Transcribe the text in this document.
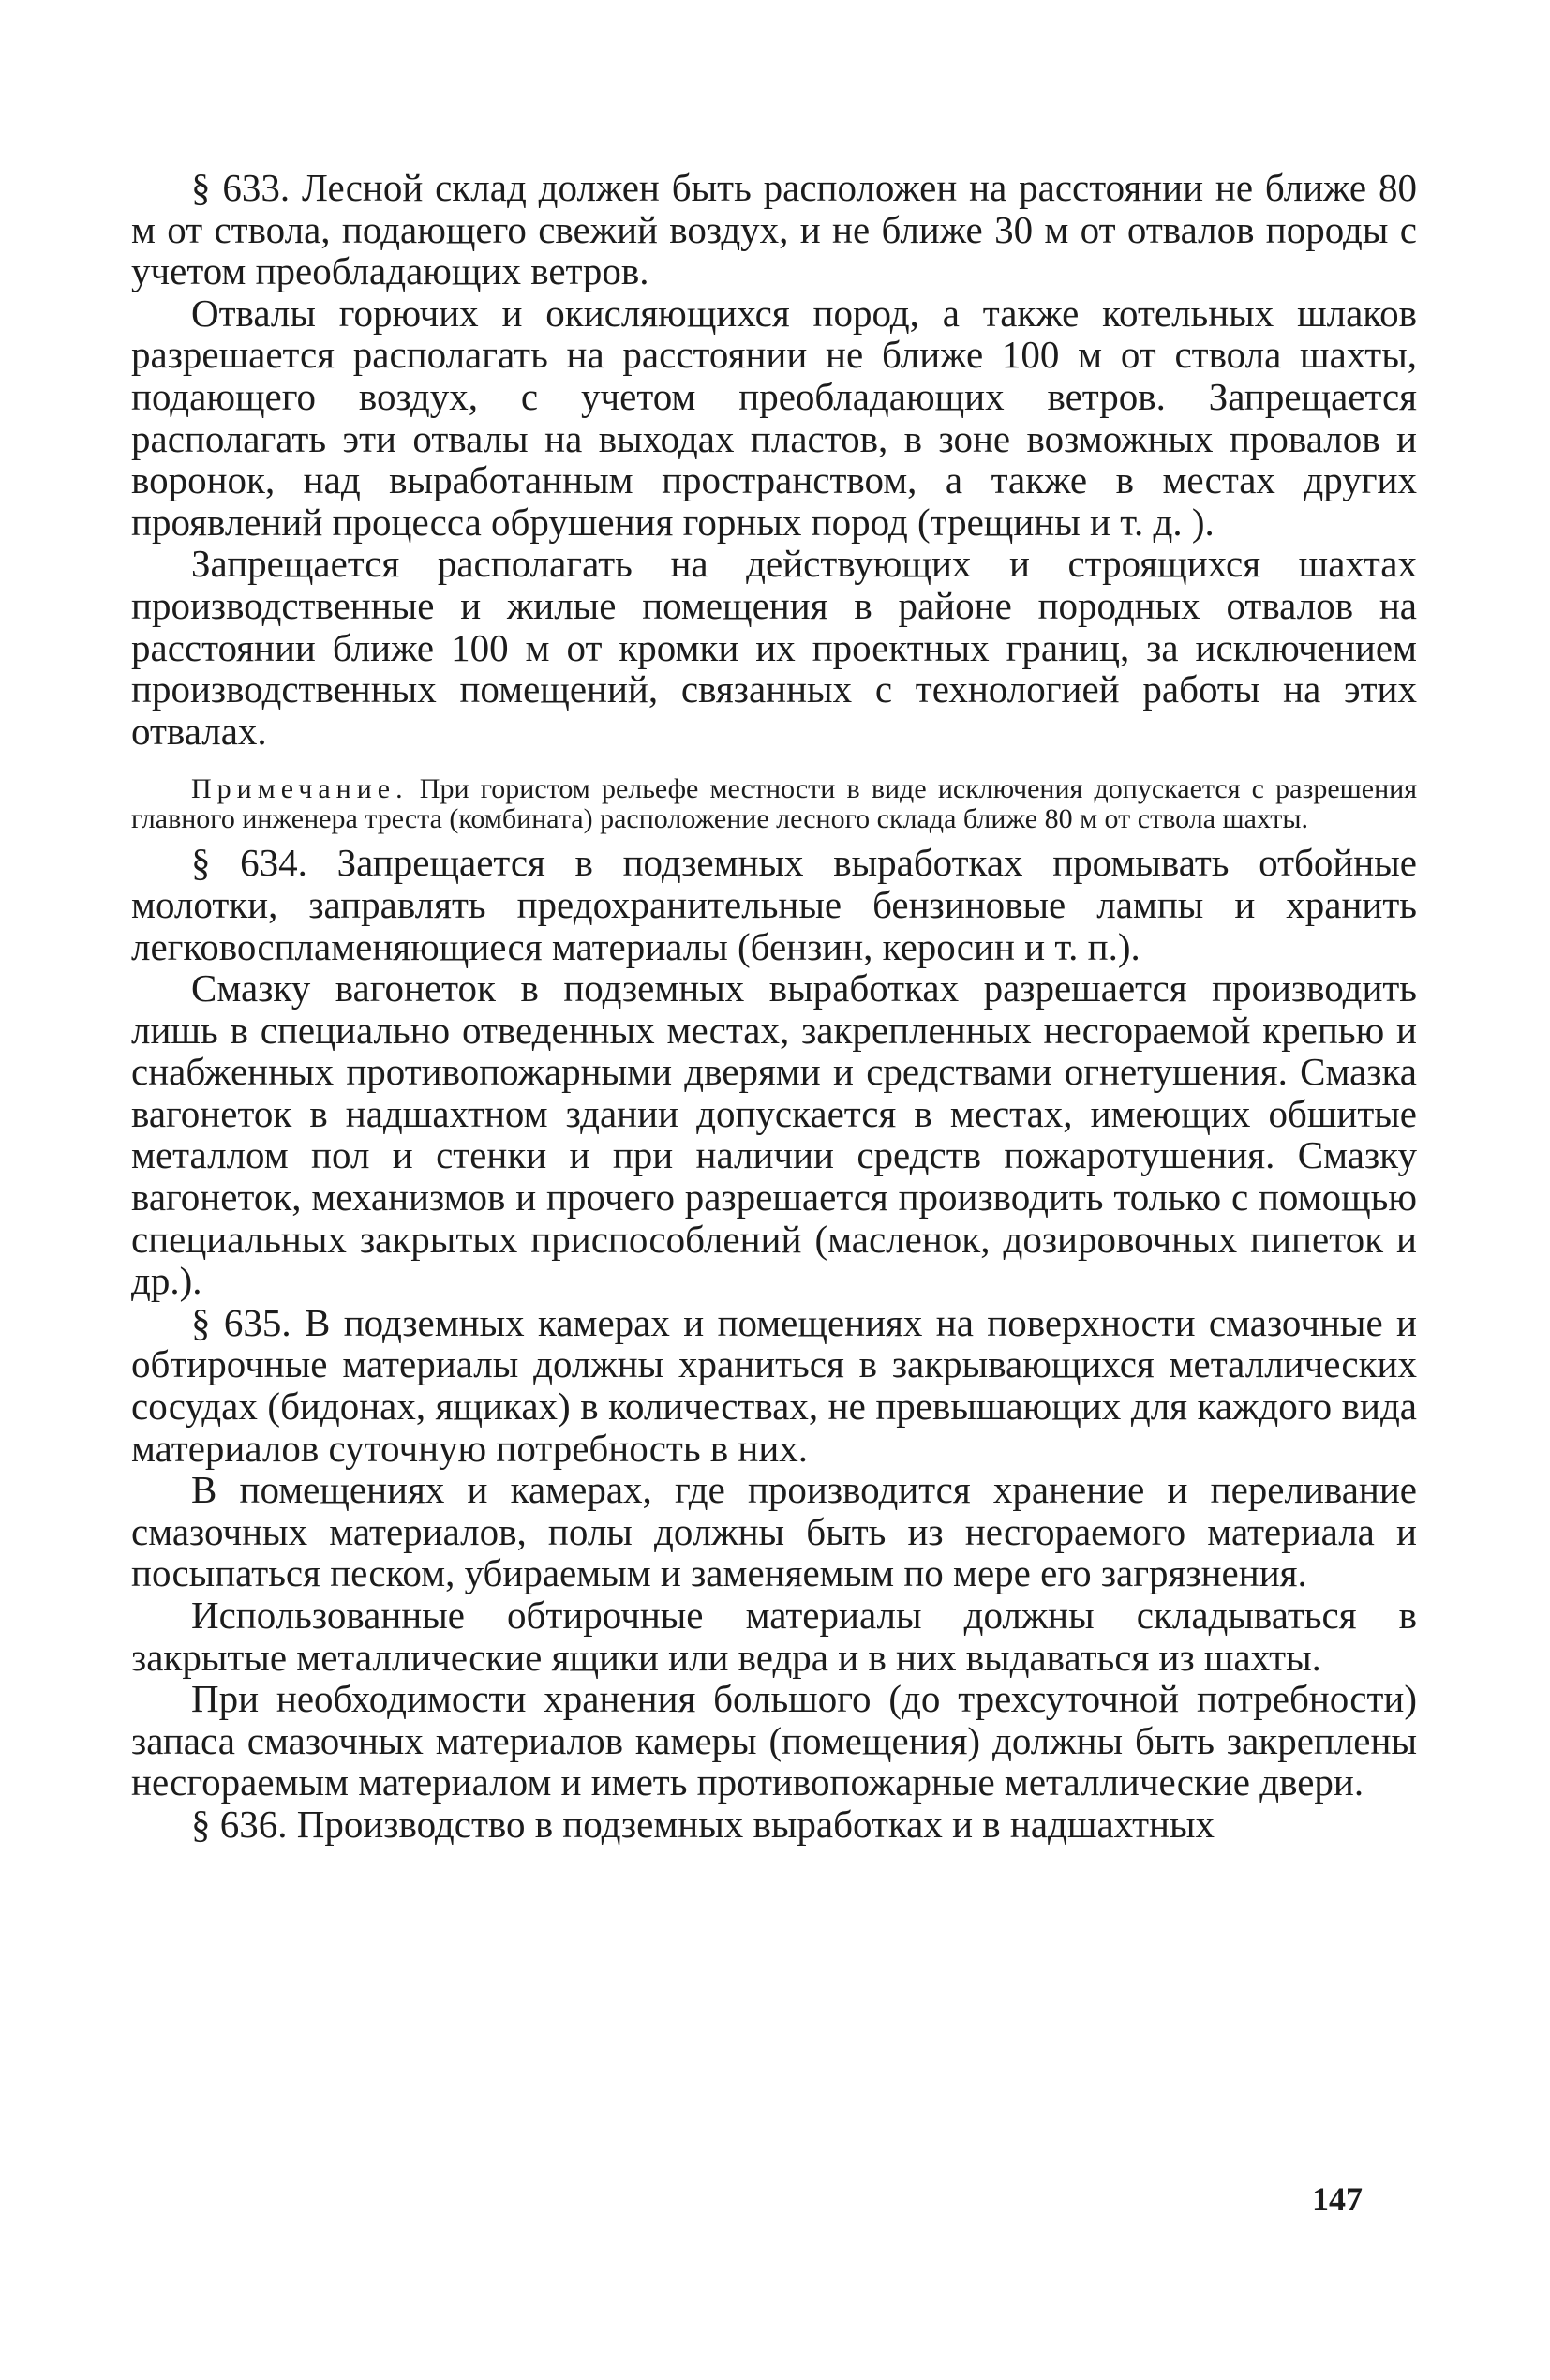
§ 633. Лесной склад должен быть расположен на расстоянии не ближе 80 м от ствола, подающего свежий воздух, и не ближе 30 м от отвалов породы с учетом преобладающих ветров.

Отвалы горючих и окисляющихся пород, а также котельных шлаков разрешается располагать на расстоянии не ближе 100 м от ствола шахты, подающего воздух, с учетом преобладающих ветров. Запрещается располагать эти отвалы на выходах пластов, в зоне возможных провалов и воронок, над выработанным пространством, а также в местах других проявлений процесса обрушения горных пород (трещины и т. д. ).

Запрещается располагать на действующих и строящихся шахтах производственные и жилые помещения в районе породных отвалов на расстоянии ближе 100 м от кромки их проектных границ, за исключением производственных помещений, связанных с технологией работы на этих отвалах.

Примечание. При гористом рельефе местности в виде исключения допускается с разрешения главного инженера треста (комбината) расположение лесного склада ближе 80 м от ствола шахты.

§ 634. Запрещается в подземных выработках промывать отбойные молотки, заправлять предохранительные бензиновые лампы и хранить легковоспламеняющиеся материалы (бензин, керосин и т. п.).

Смазку вагонеток в подземных выработках разрешается производить лишь в специально отведенных местах, закрепленных несгораемой крепью и снабженных противопожарными дверями и средствами огнетушения. Смазка вагонеток в надшахтном здании допускается в местах, имеющих обшитые металлом пол и стенки и при наличии средств пожаротушения. Смазку вагонеток, механизмов и прочего разрешается производить только с помощью специальных закрытых приспособлений (масленок, дозировочных пипеток и др.).

§ 635. В подземных камерах и помещениях на поверхности смазочные и обтирочные материалы должны храниться в закрывающихся металлических сосудах (бидонах, ящиках) в количествах, не превышающих для каждого вида материалов суточную потребность в них.

В помещениях и камерах, где производится хранение и переливание смазочных материалов, полы должны быть из несгораемого материала и посыпаться песком, убираемым и заменяемым по мере его загрязнения.

Использованные обтирочные материалы должны складываться в закрытые металлические ящики или ведра и в них выдаваться из шахты.

При необходимости хранения большого (до трехсуточной потребности) запаса смазочных материалов камеры (помещения) должны быть закреплены несгораемым материалом и иметь противопожарные металлические двери.

§ 636. Производство в подземных выработках и в надшахтных

147
